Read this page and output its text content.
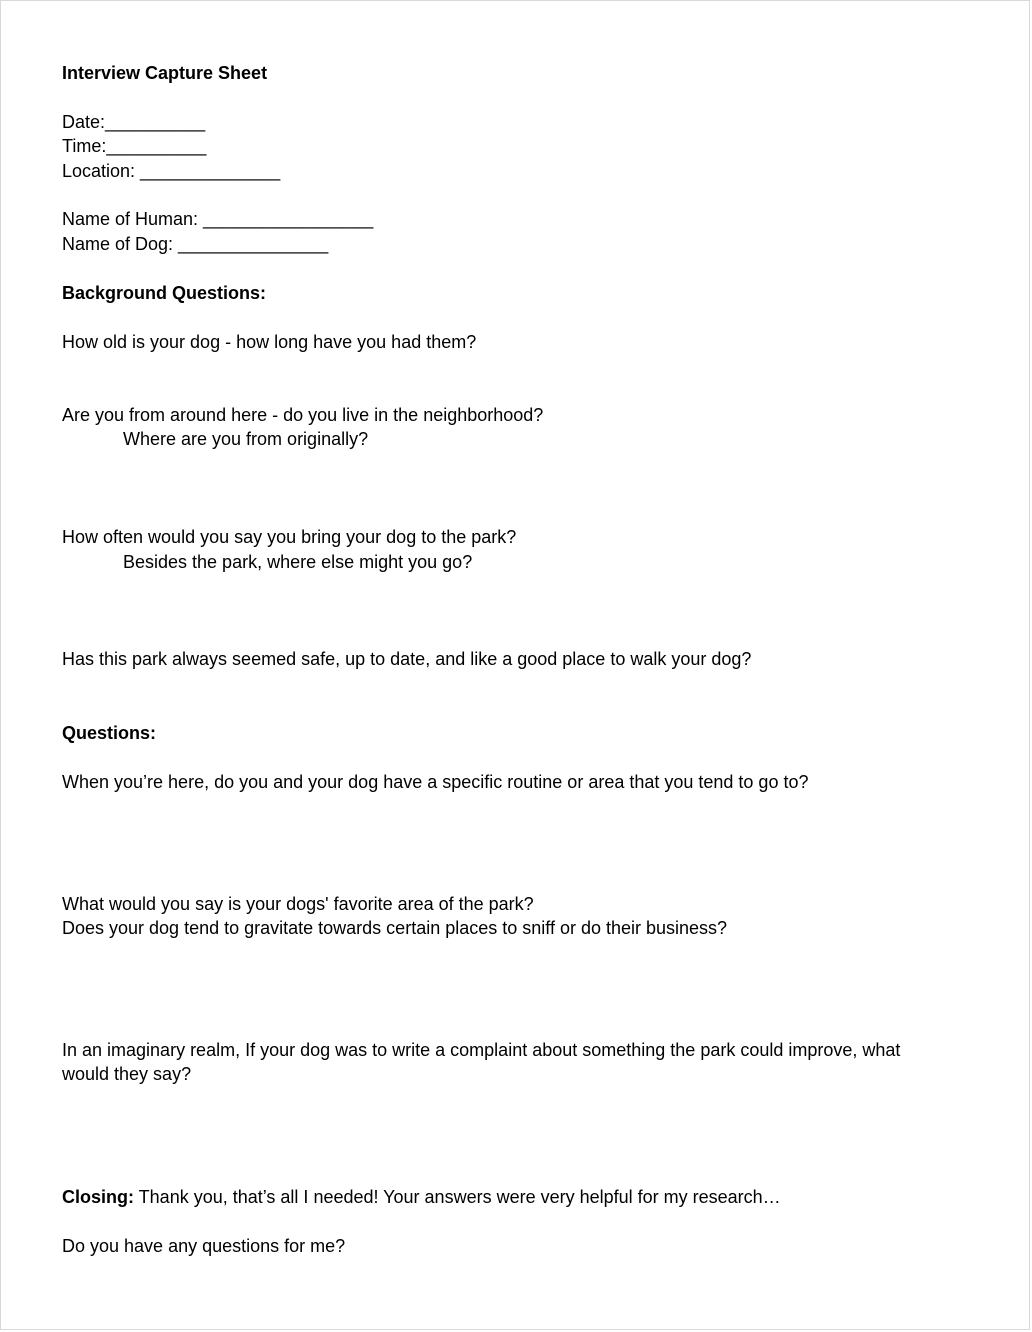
Interview Capture Sheet
Date:__________
Time:__________
Location: ______________
Name of Human: _________________
Name of Dog: _______________
Background Questions:
How old is your dog - how long have you had them?
Are you from around here - do you live in the neighborhood?
Where are you from originally?
How often would you say you bring your dog to the park?
Besides the park, where else might you go?
Has this park always seemed safe, up to date, and like a good place to walk your dog?
Questions:
When you’re here, do you and your dog have a specific routine or area that you tend to go to?
What would you say is your dogs' favorite area of the park?
Does your dog tend to gravitate towards certain places to sniff or do their business?
In an imaginary realm, If your dog was to write a complaint about something the park could improve, what would they say?
Closing: Thank you, that’s all I needed! Your answers were very helpful for my research…
Do you have any questions for me?
